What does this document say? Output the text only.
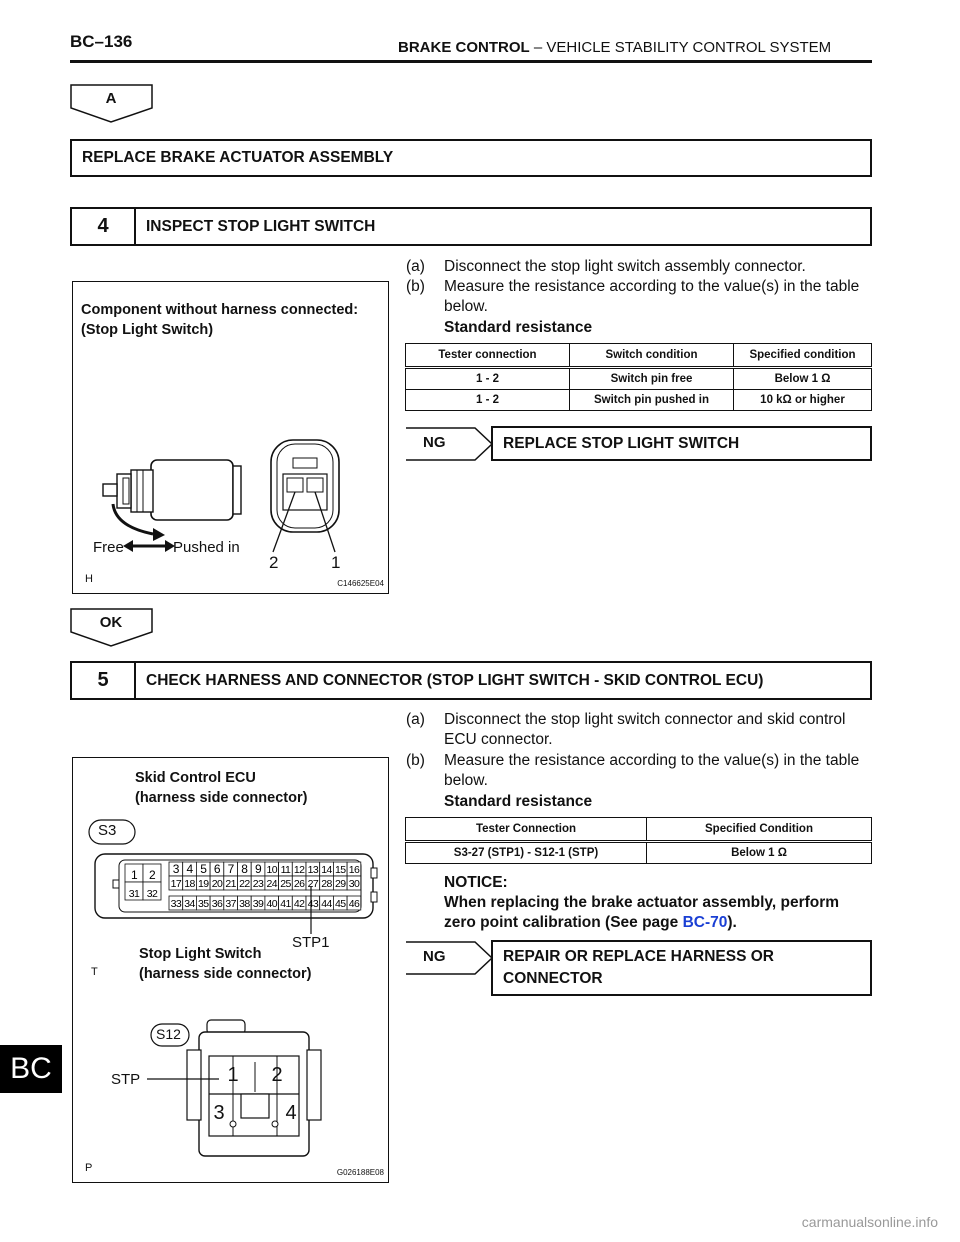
BC–136	BRAKE CONTROL – VEHICLE STABILITY CONTROL SYSTEM
A
REPLACE BRAKE ACTUATOR ASSEMBLY
4	INSPECT STOP LIGHT SWITCH
(a) Disconnect the stop light switch assembly connector.
(b) Measure the resistance according to the value(s) in the table below.
Standard resistance
Tester connection	Switch condition	Specified condition
1 - 2	Switch pin free	Below 1 Ω
1 - 2	Switch pin pushed in	10 kΩ or higher
NG	REPLACE STOP LIGHT SWITCH
Component without harness connected:
(Stop Light Switch)
Free	Pushed in
2	1
H	C146625E04
OK
5	CHECK HARNESS AND CONNECTOR (STOP LIGHT SWITCH - SKID CONTROL ECU)
(a) Disconnect the stop light switch connector and skid control ECU connector.
(b) Measure the resistance according to the value(s) in the table below.
Standard resistance
Tester Connection	Specified Condition
S3-27 (STP1) - S12-1 (STP)	Below 1 Ω
NOTICE:
When replacing the brake actuator assembly, perform zero point calibration (See page BC-70).
NG	REPAIR OR REPLACE HARNESS OR
CONNECTOR
Skid Control ECU
(harness side connector)
1 2
31 32
3 4 5 6 7 8 9 10 11 12 13 14 15 16
17 18 19 20 21 22 23 24 25 26 27 28 29 30
33 34 35 36 37 38 39 40 41 42 43 44 45 46
S3
STP1
Stop Light Switch
(harness side connector)
T
S12
STP	1	2
3	4
P	G026188E08
BC
carmanualsonline.info
